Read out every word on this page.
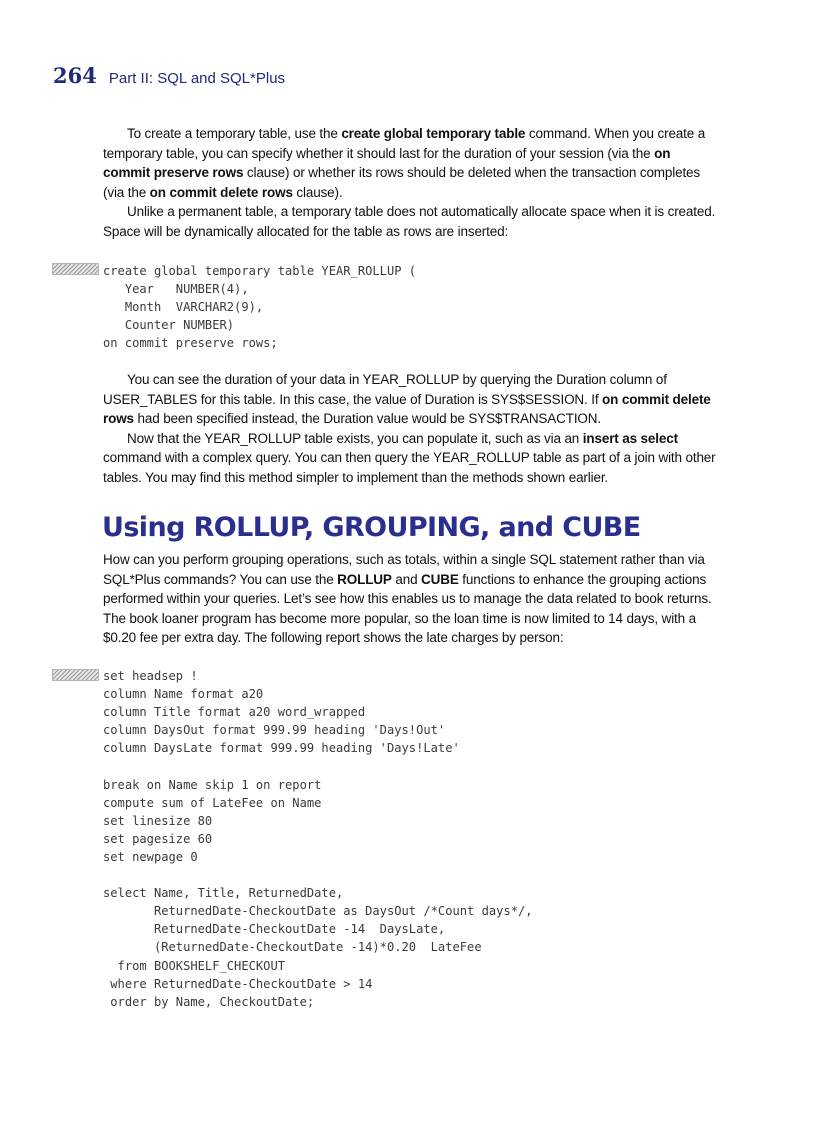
264 Part II: SQL and SQL*Plus

To create a temporary table, use the create global temporary table command. When you create a temporary table, you can specify whether it should last for the duration of your session (via the on commit preserve rows clause) or whether its rows should be deleted when the transaction completes (via the on commit delete rows clause).

Unlike a permanent table, a temporary table does not automatically allocate space when it is created. Space will be dynamically allocated for the table as rows are inserted:

create global temporary table YEAR_ROLLUP (
Year   NUMBER(4),
Month  VARCHAR2(9),
Counter NUMBER)
on commit preserve rows;

You can see the duration of your data in YEAR_ROLLUP by querying the Duration column of USER_TABLES for this table. In this case, the value of Duration is SYS$SESSION. If on commit delete rows had been specified instead, the Duration value would be SYS$TRANSACTION.

Now that the YEAR_ROLLUP table exists, you can populate it, such as via an insert as select command with a complex query. You can then query the YEAR_ROLLUP table as part of a join with other tables. You may find this method simpler to implement than the methods shown earlier.

Using ROLLUP, GROUPING, and CUBE

How can you perform grouping operations, such as totals, within a single SQL statement rather than via SQL*Plus commands? You can use the ROLLUP and CUBE functions to enhance the grouping actions performed within your queries. Let’s see how this enables us to manage the data related to book returns. The book loaner program has become more popular, so the loan time is now limited to 14 days, with a $0.20 fee per extra day. The following report shows the late charges by person:

set headsep !
column Name format a20
column Title format a20 word_wrapped
column DaysOut format 999.99 heading 'Days!Out'
column DaysLate format 999.99 heading 'Days!Late'

break on Name skip 1 on report
compute sum of LateFee on Name
set linesize 80
set pagesize 60
set newpage 0

select Name, Title, ReturnedDate,
ReturnedDate-CheckoutDate as DaysOut /*Count days*/,
ReturnedDate-CheckoutDate -14  DaysLate,
(ReturnedDate-CheckoutDate -14)*0.20  LateFee
from BOOKSHELF_CHECKOUT
where ReturnedDate-CheckoutDate > 14
order by Name, CheckoutDate;
